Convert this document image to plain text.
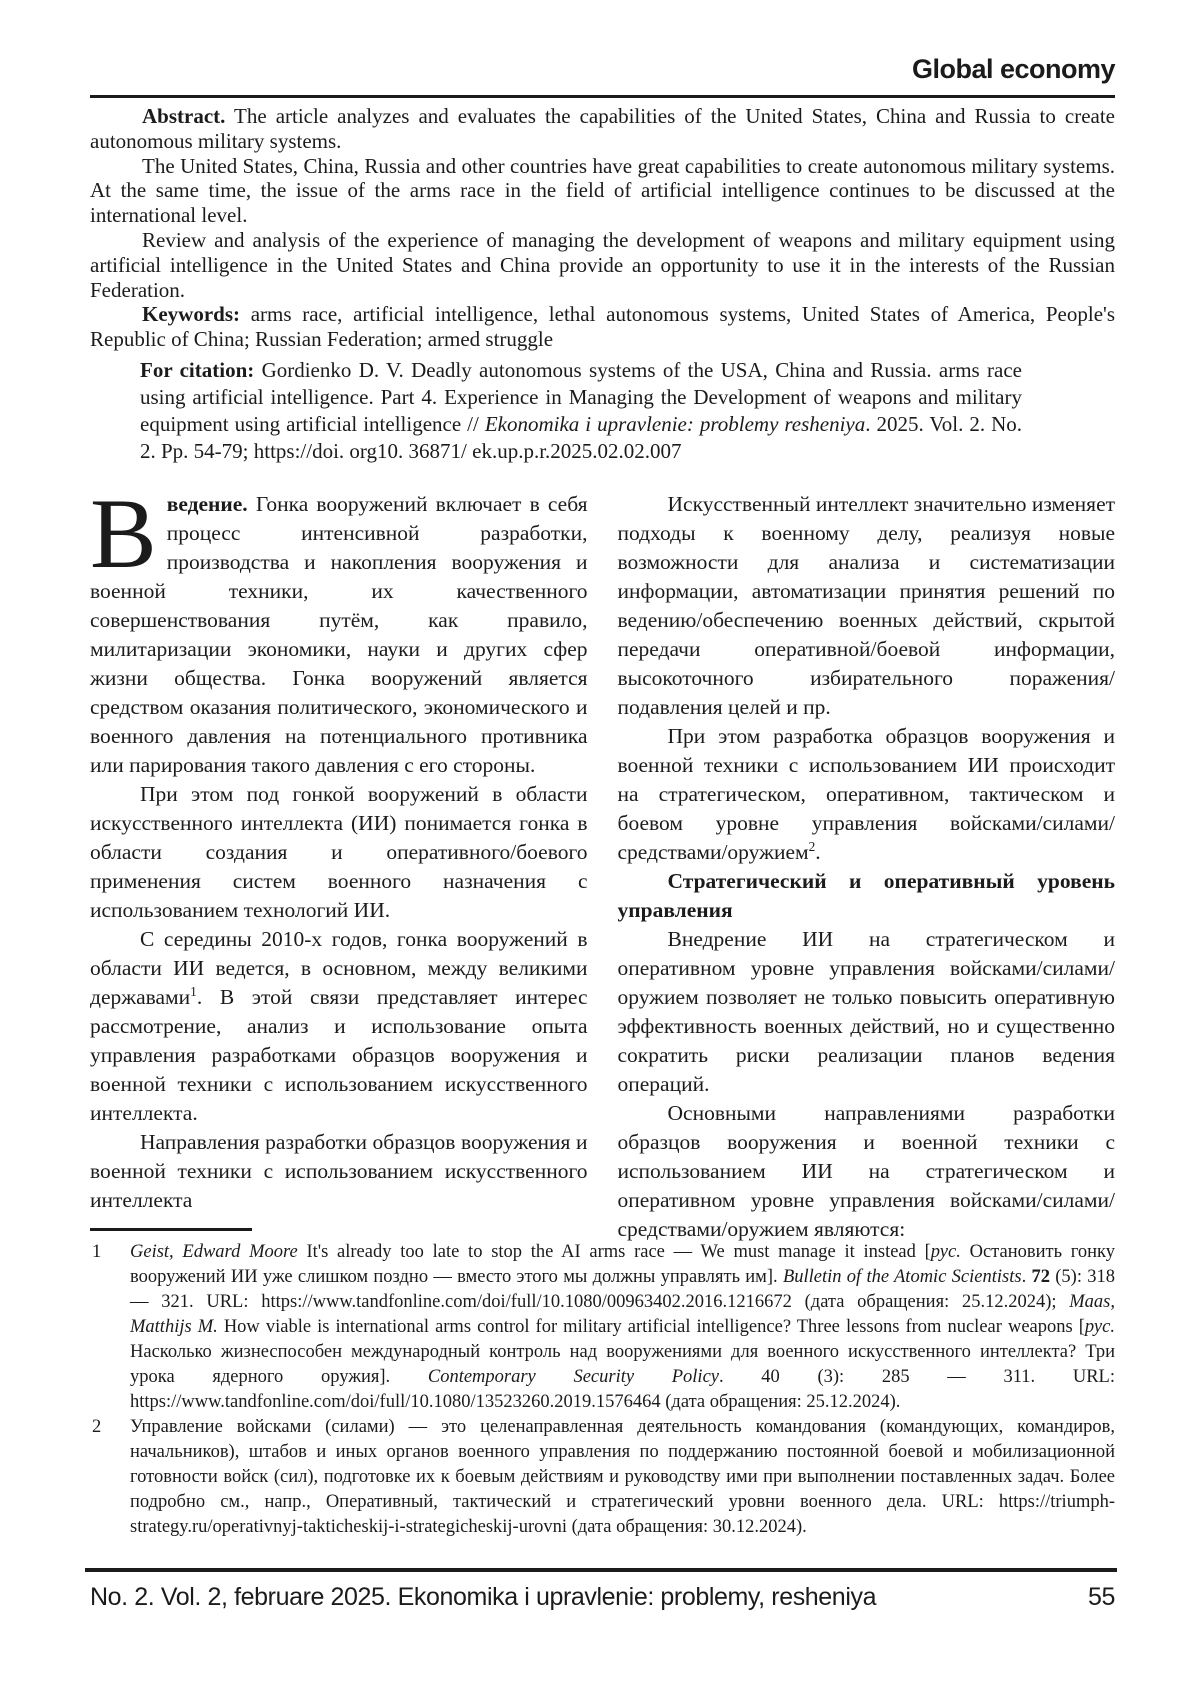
Global economy

Abstract. The article analyzes and evaluates the capabilities of the United States, China and Russia to create autonomous military systems.

The United States, China, Russia and other countries have great capabilities to create autonomous military systems. At the same time, the issue of the arms race in the field of artificial intelligence continues to be discussed at the international level.

Review and analysis of the experience of managing the development of weapons and military equipment using artificial intelligence in the United States and China provide an opportunity to use it in the interests of the Russian Federation.

Keywords: arms race, artificial intelligence, lethal autonomous systems, United States of America, People's Republic of China; Russian Federation; armed struggle

For citation: Gordienko D. V. Deadly autonomous systems of the USA, China and Russia. arms race using artificial intelligence. Part 4. Experience in Managing the Development of weapons and military equipment using artificial intelligence // Ekonomika i upravlenie: problemy resheniya. 2025. Vol. 2. No. 2. Pp. 54-79; https://doi. org10. 36871/ ek.up.p.r.2025.02.02.007

Введение. Гонка вооружений включает в себя процесс интенсивной разработки, производства и накопления вооружения и военной техники, их качественного совершенствования путём, как правило, милитаризации экономики, науки и других сфер жизни общества. Гонка вооружений является средством оказания политического, экономического и военного давления на потенциального противника или парирования такого давления с его стороны.

При этом под гонкой вооружений в области искусственного интеллекта (ИИ) понимается гонка в области создания и оперативного/боевого применения систем военного назначения с использованием технологий ИИ.

С середины 2010-х годов, гонка вооружений в области ИИ ведется, в основном, между великими державами$^1$. В этой связи представляет интерес рассмотрение, анализ и использование опыта управления разработками образцов вооружения и военной техники с использованием искусственного интеллекта.

Направления разработки образцов вооружения и военной техники с использованием искусственного интеллекта

Искусственный интеллект значительно изменяет подходы к военному делу, реализуя новые возможности для анализа и систематизации информации, автоматизации принятия решений по ведению/обеспечению военных действий, скрытой передачи оперативной/боевой информации, высокоточного избирательного поражения/подавления целей и пр.

При этом разработка образцов вооружения и военной техники с использованием ИИ происходит на стратегическом, оперативном, тактическом и боевом уровне управления войсками/силами/средствами/оружием$^2$.

Стратегический и оперативный уровень управления

Внедрение ИИ на стратегическом и оперативном уровне управления войсками/силами/оружием позволяет не только повысить оперативную эффективность военных действий, но и существенно сократить риски реализации планов ведения операций.

Основными направлениями разработки образцов вооружения и военной техники с использованием ИИ на стратегическом и оперативном уровне управления войсками/силами/средствами/оружием являются:

1 Geist, Edward Moore It's already too late to stop the AI arms race — We must manage it instead [рус. Остановить гонку вооружений ИИ уже слишком поздно — вместо этого мы должны управлять им]. Bulletin of the Atomic Scientists. 72 (5): 318 — 321. URL: https://www.tandfonline.com/doi/full/10.1080/00963402.2016.1216672 (дата обращения: 25.12.2024); Maas, Matthijs M. How viable is international arms control for military artificial intelligence? Three lessons from nuclear weapons [рус. Насколько жизнеспособен международный контроль над вооружениями для военного искусственного интеллекта? Три урока ядерного оружия]. Contemporary Security Policy. 40 (3): 285 — 311. URL: https://www.tandfonline.com/doi/full/10.1080/13523260.2019.1576464 (дата обращения: 25.12.2024).

2 Управление войсками (силами) — это целенаправленная деятельность командования (командующих, командиров, начальников), штабов и иных органов военного управления по поддержанию постоянной боевой и мобилизационной готовности войск (сил), подготовке их к боевым действиям и руководству ими при выполнении поставленных задач. Более подробно см., напр., Оперативный, тактический и стратегический уровни военного дела. URL: https://triumph-strategy.ru/operativnyj-takticheskij-i-strategicheskij-urovni (дата обращения: 30.12.2024).

No. 2. Vol. 2, februare 2025. Ekonomika i upravlenie: problemy, resheniya	55
